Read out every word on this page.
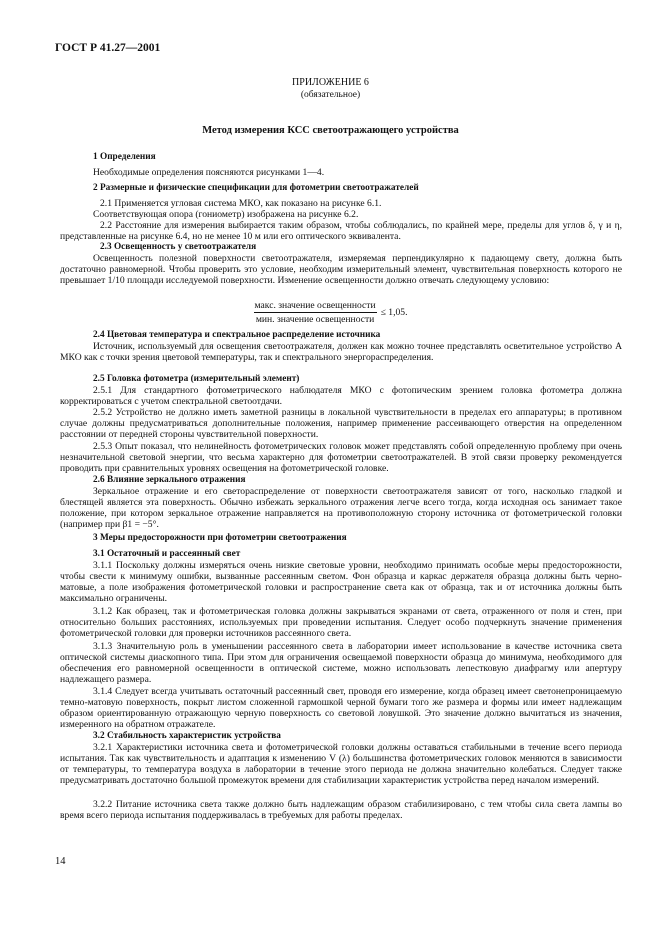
ГОСТ Р 41.27—2001
ПРИЛОЖЕНИЕ 6
(обязательное)
Метод измерения КСС светоотражающего устройства
1 Определения
Необходимые определения поясняются рисунками 1—4.
2 Размерные и физические спецификации для фотометрии светоотражателей
2.1 Применяется угловая система МКО, как показано на рисунке 6.1.
Соответствующая опора (гониометр) изображена на рисунке 6.2.
2.2 Расстояние для измерения выбирается таким образом, чтобы соблюдались, по крайней мере, пределы для углов δ, γ и η, представленные на рисунке 6.4, но не менее 10 м или его оптического эквивалента.
2.3 Освещенность у светоотражателя
Освещенность полезной поверхности светоотражателя, измеряемая перпендикулярно к падающему свету, должна быть достаточно равномерной. Чтобы проверить это условие, необходим измерительный элемент, чувствительная поверхность которого не превышает 1/10 площади исследуемой поверхности. Изменение освещенности должно отвечать следующему условию:
$\frac{\text{макс. значение освещенности}}{\text{мин. значение освещенности}} \le 1,05$.
2.4 Цветовая температура и спектральное распределение источника
Источник, используемый для освещения светоотражателя, должен как можно точнее представлять осветительное устройство А МКО как с точки зрения цветовой температуры, так и спектрального энергораспределения.
2.5 Головка фотометра (измерительный элемент)
2.5.1 Для стандартного фотометрического наблюдателя МКО с фотопическим зрением головка фотометра должна корректироваться с учетом спектральной светоотдачи.
2.5.2 Устройство не должно иметь заметной разницы в локальной чувствительности в пределах его аппаратуры; в противном случае должны предусматриваться дополнительные положения, например применение рассеивающего отверстия на определенном расстоянии от передней стороны чувствительной поверхности.
2.5.3 Опыт показал, что нелинейность фотометрических головок может представлять собой определенную проблему при очень незначительной световой энергии, что весьма характерно для фотометрии светоотражателей. В этой связи проверку рекомендуется проводить при сравнительных уровнях освещения на фотометрической головке.
2.6 Влияние зеркального отражения
Зеркальное отражение и его светораспределение от поверхности светоотражателя зависят от того, насколько гладкой и блестящей является эта поверхность. Обычно избежать зеркального отражения легче всего тогда, когда исходная ось занимает такое положение, при котором зеркальное отражение направляется на противоположную сторону источника от фотометрической головки (например при β1 = −5°.
3 Меры предосторожности при фотометрии светоотражения
3.1 Остаточный и рассеянный свет
3.1.1 Поскольку должны измеряться очень низкие световые уровни, необходимо принимать особые меры предосторожности, чтобы свести к минимуму ошибки, вызванные рассеянным светом. Фон образца и каркас держателя образца должны быть черно-матовые, а поле изображения фотометрической головки и распространение света как от образца, так и от источника должны быть максимально ограничены.
3.1.2 Как образец, так и фотометрическая головка должны закрываться экранами от света, отраженного от поля и стен, при относительно больших расстояниях, используемых при проведении испытания. Следует особо подчеркнуть значение применения фотометрической головки для проверки источников рассеянного света.
3.1.3 Значительную роль в уменьшении рассеянного света в лаборатории имеет использование в качестве источника света оптической системы диаскопного типа. При этом для ограничения освещаемой поверхности образца до минимума, необходимого для обеспечения его равномерной освещенности в оптической системе, можно использовать лепестковую диафрагму или апертуру надлежащего размера.
3.1.4 Следует всегда учитывать остаточный рассеянный свет, проводя его измерение, когда образец имеет светонепроницаемую темно-матовую поверхность, покрыт листом сложенной гармошкой черной бумаги того же размера и формы или имеет надлежащим образом ориентированную отражающую черную поверхность со световой ловушкой. Это значение должно вычитаться из значения, измеренного на обратном отражателе.
3.2 Стабильность характеристик устройства
3.2.1 Характеристики источника света и фотометрической головки должны оставаться стабильными в течение всего периода испытания. Так как чувствительность и адаптация к изменению V (λ) большинства фотометрических головок меняются в зависимости от температуры, то температура воздуха в лаборатории в течение этого периода не должна значительно колебаться. Следует также предусматривать достаточно большой промежуток времени для стабилизации характеристик устройства перед началом измерений.
3.2.2 Питание источника света также должно быть надлежащим образом стабилизировано, с тем чтобы сила света лампы во время всего периода испытания поддерживалась в требуемых для работы пределах.
14
